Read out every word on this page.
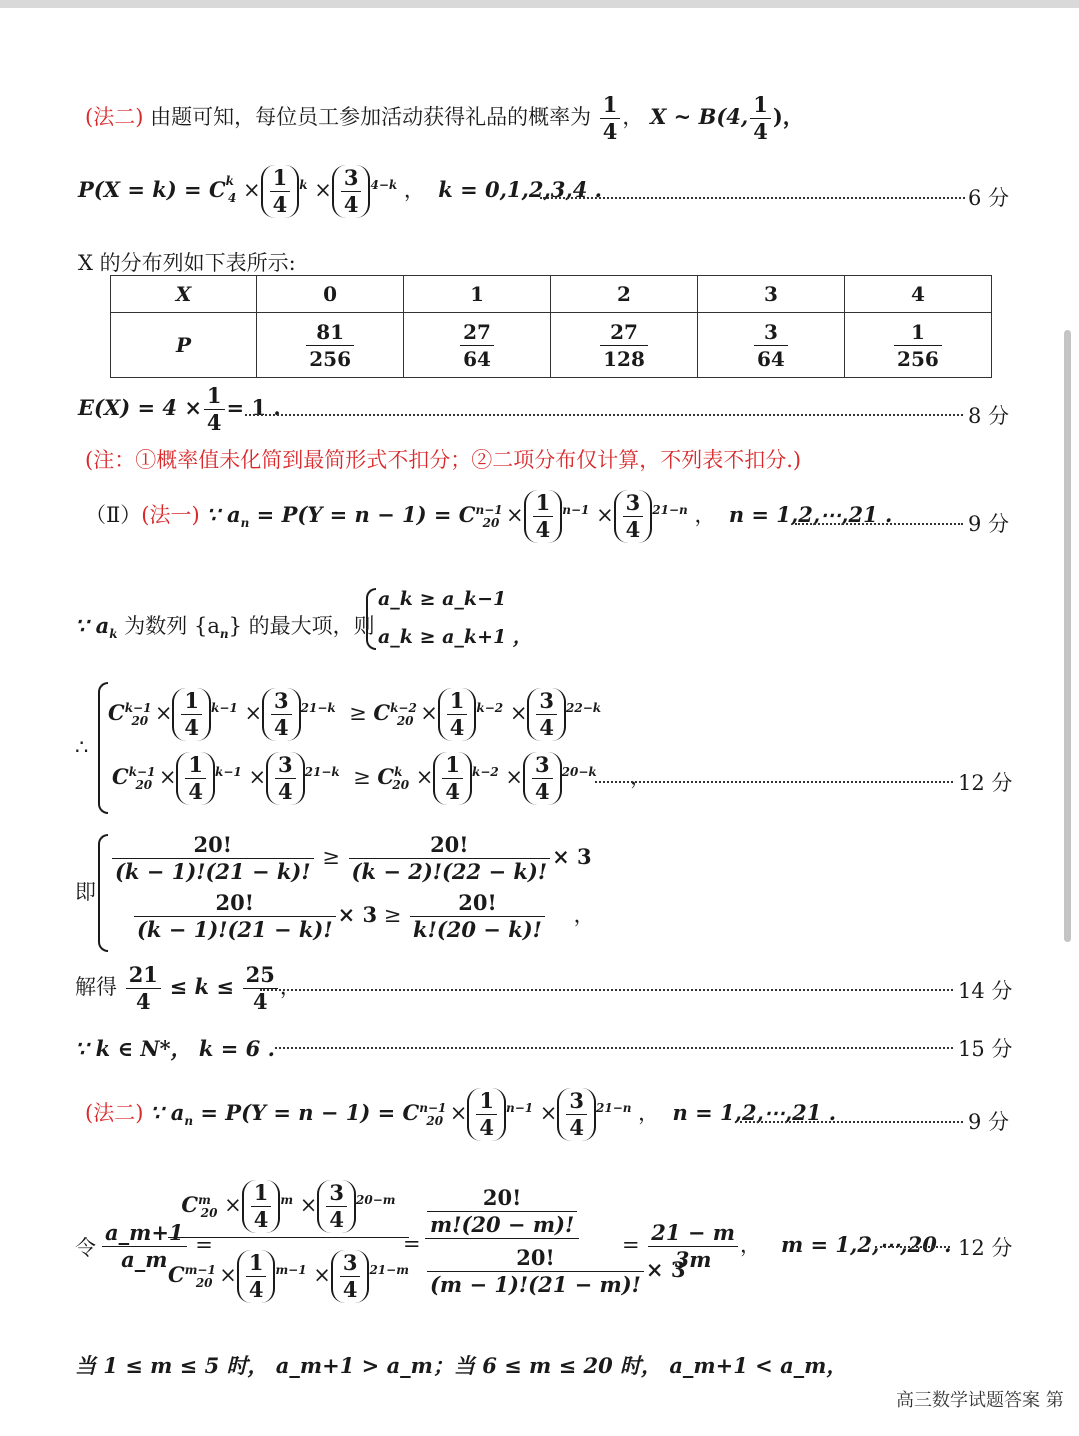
(法二) 由题可知，每位员工参加活动获得礼品的概率为 $\frac{1}{4}$ ， X ~ B(4, $\frac{1}{4}$ )，
$P(X = k) = C^k_4 \times \frac{1}{4} ^k \times \frac{3}{4} ^{4-k}$ ，  k = 0,1,2,3,4 .	6 分
X 的分布列如下表所示:
X	0	1	2	3	4
P	$\frac{81}{256}$	$\frac{27}{64}$	$\frac{27}{128}$	$\frac{3}{64}$	$\frac{1}{256}$
$E(X) = 4 \times \frac{1}{4} = 1$ .	8 分
(注：①概率值未化简到最简形式不扣分；②二项分布仅计算，不列表不扣分.)
（Ⅱ）(法一) ∵ $a_n = P(Y = n - 1) = C^{n-1}_{20} \times \frac{1}{4} ^{n-1} \times \frac{3}{4} ^{21-n}$ ，  n = 1,2,⋯,21 .	9 分
∵ $a_k$ 为数列 $\{a_n\}$ 的最大项，则
a_k ≥ a_k−1
a_k ≥ a_k+1 ，
∴
$C^{k-1}_{20} \times \frac{1}{4} ^{k-1} \times \frac{3}{4} ^{21-k} \ge C^{k-2}_{20} \times \frac{1}{4} ^{k-2} \times \frac{3}{4} ^{22-k}$
$C^{k-1}_{20} \times \frac{1}{4} ^{k-1} \times \frac{3}{4} ^{21-k} \ge C^k_{20} \times \frac{1}{4} ^{k-2} \times \frac{3}{4} ^{20-k}$     ，	12 分
即
$\frac{20!}{(k - 1)!(21 - k)!} \ge \frac{20!}{(k - 2)!(22 - k)!} \times 3$
$\frac{20!}{(k - 1)!(21 - k)!} \times 3 \ge \frac{20!}{k!(20 - k)!}$ ，
解得 $\frac{21}{4} \le k \le \frac{25}{4}$ ，	14 分
∵ k ∈ N*， k = 6 .	15 分
(法二) ∵ $a_n = P(Y = n - 1) = C^{n-1}_{20} \times \frac{1}{4} ^{n-1} \times \frac{3}{4} ^{21-n}$ ，  n = 1,2,⋯,21 .	9 分
令 $\frac{a\_m+1}{a\_m}$ =
$C^m_{20} \times \frac{1}{4} ^m \times \frac{3}{4} ^{20-m}$
$C^{m-1}_{20} \times \frac{1}{4} ^{m-1} \times \frac{3}{4} ^{21-m}$
=
$\frac{20!}{m!(20 - m)!}$
$\frac{20!}{(m - 1)!(21 - m)!} \times 3$
= $\frac{21 - m}{3m}$ ，   m = 1,2,⋯,20 . 12 分
当 1 ≤ m ≤ 5 时， a_m+1 > a_m；当 6 ≤ m ≤ 20 时， a_m+1 < a_m，
高三数学试题答案 第
